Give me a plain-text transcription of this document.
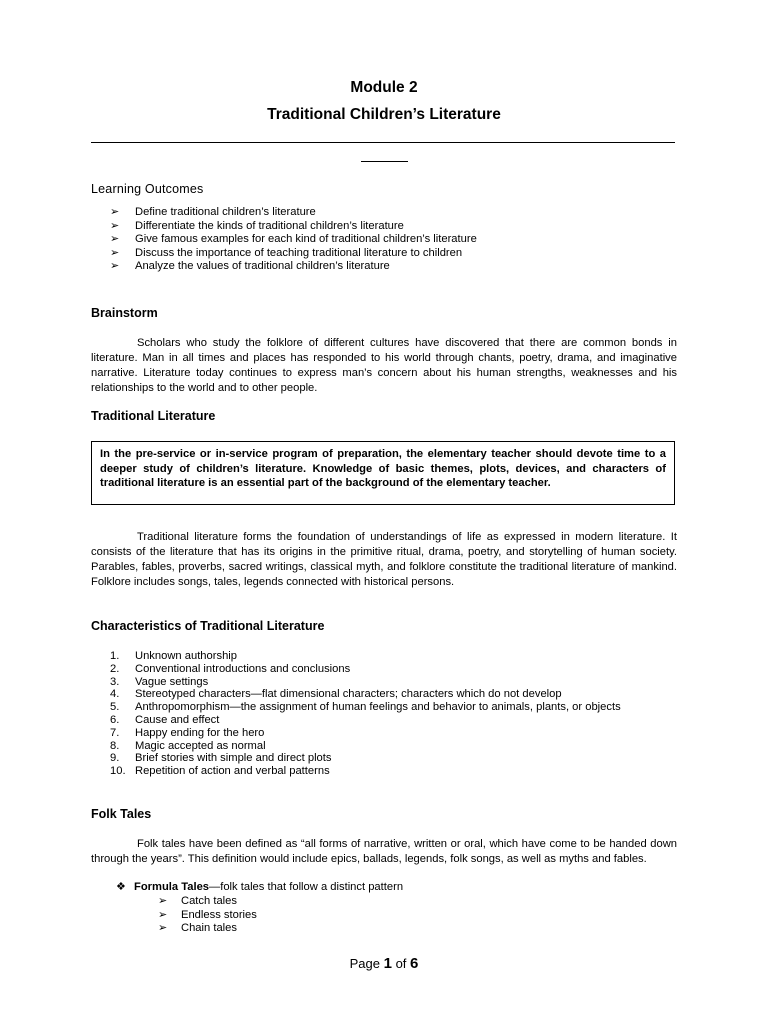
Module 2
Traditional Children’s Literature
Learning Outcomes
➢	Define traditional children’s literature
➢	Differentiate the kinds of traditional children’s literature
➢	Give famous examples for each kind of traditional children’s literature
➢	Discuss the importance of teaching traditional literature to children
➢	Analyze the values of traditional children’s literature
Brainstorm

Scholars who study the folklore of different cultures have discovered that there are common bonds in literature. Man in all times and places has responded to his world through chants, poetry, drama, and imaginative narrative. Literature today continues to express man’s concern about his human strengths, weaknesses and his relationships to the world and to other people.

Traditional Literature
In the pre-service or in-service program of preparation, the elementary teacher should devote time to a deeper study of children’s literature. Knowledge of basic themes, plots, devices, and characters of traditional literature is an essential part of the background of the elementary teacher.

Traditional literature forms the foundation of understandings of life as expressed in modern literature. It consists of the literature that has its origins in the primitive ritual, drama, poetry, and storytelling of human society. Parables, fables, proverbs, sacred writings, classical myth, and folklore constitute the traditional literature of mankind. Folklore includes songs, tales, legends connected with historical persons.

Characteristics of Traditional Literature
1.	Unknown authorship
2.	Conventional introductions and conclusions
3.	Vague settings
4.	Stereotyped characters—flat dimensional characters; characters which do not develop
5.	Anthropomorphism—the assignment of human feelings and behavior to animals, plants, or objects
6.	Cause and effect
7.	Happy ending for the hero
8.	Magic accepted as normal
9.	Brief stories with simple and direct plots
10. Repetition of action and verbal patterns
Folk Tales

Folk tales have been defined as “all forms of narrative, written or oral, which have come to be handed down through the years”. This definition would include epics, ballads, legends, folk songs, as well as myths and fables.

❖ Formula Tales—folk tales that follow a distinct pattern
➢	Catch tales
➢	Endless stories
➢	Chain tales
Page 1 of 6
